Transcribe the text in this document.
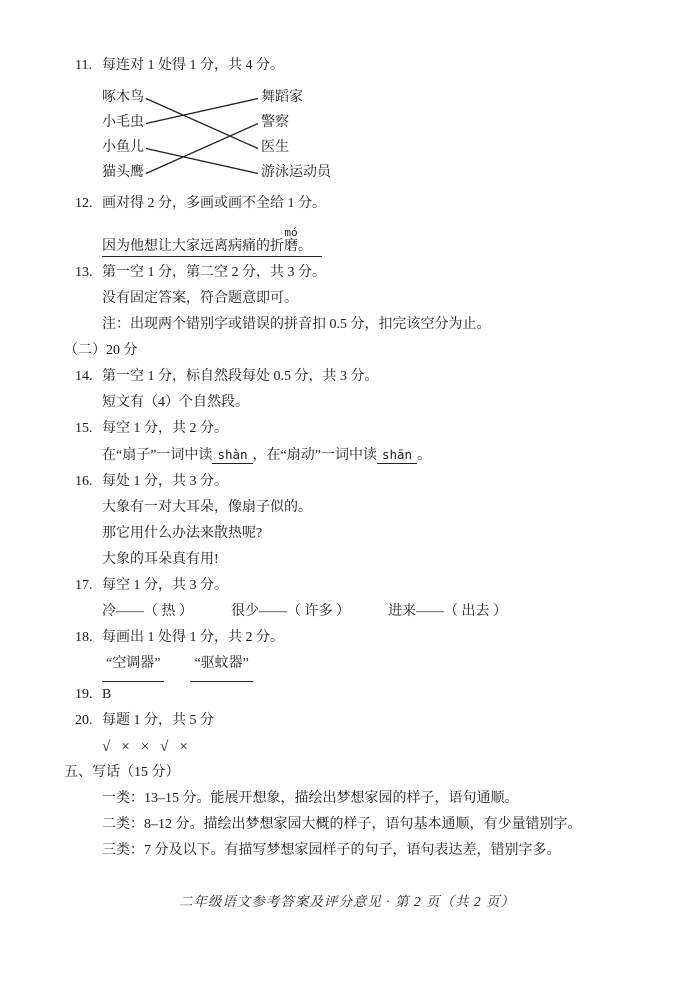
11. 每连对 1 处得 1 分，共 4 分。
啄木鸟
小毛虫
小鱼儿
猫头鹰
舞蹈家
警察
医生
游泳运动员
12. 画对得 2 分，多画或画不全给 1 分。
因为他想让大家远离病痛的折磨mó。
13. 第一空 1 分，第二空 2 分，共 3 分。
没有固定答案，符合题意即可。
注：出现两个错别字或错误的拼音扣 0.5 分，扣完该空分为止。
（二）20 分
14. 第一空 1 分，标自然段每处 0.5 分，共 3 分。
短文有（4）个自然段。
15. 每空 1 分，共 2 分。
在“扇子”一词中读 shàn ，在“扇动”一词中读 shān 。
16. 每处 1 分，共 3 分。
大象有一对大耳朵，像扇子似的。
那它用什么办法来散热呢?
大象的耳朵真有用!
17. 每空 1 分，共 3 分。
冷——（ 热 ）	很少——（ 许多 ）	进来——（ 出去 ）
18. 每画出 1 处得 1 分，共 2 分。
“空调器” “驱蚊器”
19. B
20. 每题 1 分，共 5 分
√ × × √ ×
五、写话（15 分）
一类：13–15 分。能展开想象，描绘出梦想家园的样子，语句通顺。
二类：8–12 分。描绘出梦想家园大概的样子，语句基本通顺，有少量错别字。
三类：7 分及以下。有描写梦想家园样子的句子，语句表达差，错别字多。
二年级语文参考答案及评分意见 · 第 2 页（共 2 页）
